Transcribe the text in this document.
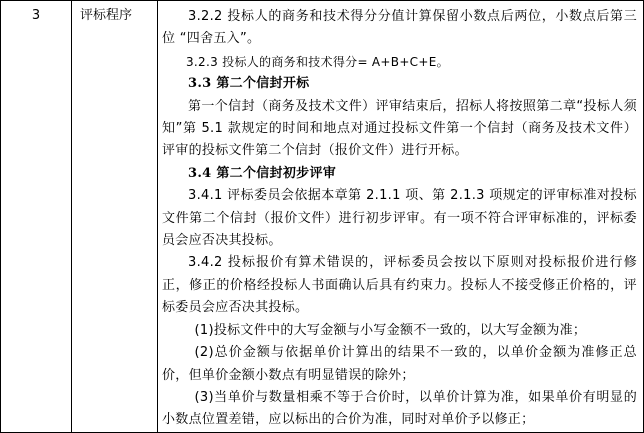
3	评标程序	3.2.2 投标人的商务和技术得分分值计算保留小数点后两位，小数点后第三位 “四舍五入”。

3.2.3 投标人的商务和技术得分= A+B+C+E。

3.3 第二个信封开标

第一个信封（商务及技术文件）评审结束后，招标人将按照第二章“投标人须知”第 5.1 款规定的时间和地点对通过投标文件第一个信封（商务及技术文件）评审的投标文件第二个信封（报价文件）进行开标。

3.4 第二个信封初步评审

3.4.1 评标委员会依据本章第 2.1.1 项、第 2.1.3 项规定的评审标准对投标文件第二个信封（报价文件）进行初步评审。有一项不符合评审标准的，评标委员会应否决其投标。

3.4.2 投标报价有算术错误的，评标委员会按以下原则对投标报价进行修正，修正的价格经投标人书面确认后具有约束力。投标人不接受修正价格的，评标委员会应否决其投标。

(1)投标文件中的大写金额与小写金额不一致的，以大写金额为准；

(2)总价金额与依据单价计算出的结果不一致的，以单价金额为准修正总价，但单价金额小数点有明显错误的除外；

(3)当单价与数量相乘不等于合价时，以单价计算为准，如果单价有明显的小数点位置差错，应以标出的合价为准，同时对单价予以修正；
